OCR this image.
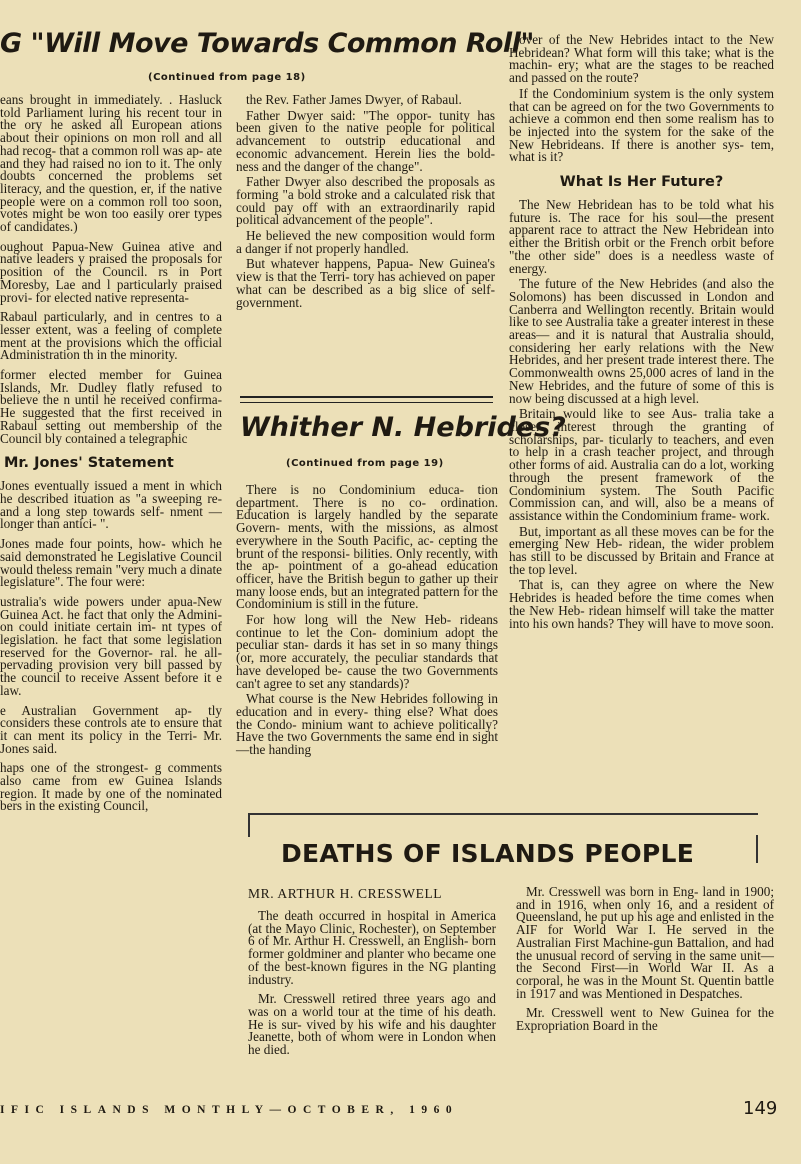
G "Will Move Towards Common Roll"
(Continued from page 18)

eans brought in immediately. . Hasluck told Parliament luring his recent tour in the ory he asked all European ations about their opinions on mon roll and all had recog- that a common roll was ap- ate and they had raised no ion to it. The only doubts concerned the problems set literacy, and the question, er, if the native people were on a common roll too soon, votes might be won too easily orer types of candidates.)

oughout Papua-New Guinea ative and native leaders y praised the proposals for position of the Council. rs in Port Moresby, Lae and l particularly praised provi- for elected native representa-

Rabaul particularly, and in centres to a lesser extent, was a feeling of complete ment at the provisions which the official Administration th in the minority.

former elected member for Guinea Islands, Mr. Dudley flatly refused to believe the n until he received confirma- He suggested that the first received in Rabaul setting out membership of the Council bly contained a telegraphic

Mr. Jones' Statement

Jones eventually issued a ment in which he described ituation as "a sweeping re- and a long step towards self- nment — longer than antici- ".

Jones made four points, how- which he said demonstrated he Legislative Council would theless remain "very much a dinate legislature". The four were:

ustralia's wide powers under apua-New Guinea Act. he fact that only the Admini- on could initiate certain im- nt types of legislation. he fact that some legislation reserved for the Governor- ral. he all-pervading provision very bill passed by the council to receive Assent before it e law.

e Australian Government ap- tly considers these controls ate to ensure that it can ment its policy in the Terri- Mr. Jones said.

haps one of the strongest- g comments also came from ew Guinea Islands region. It made by one of the nominated bers in the existing Council,

the Rev. Father James Dwyer, of Rabaul.

Father Dwyer said: "The oppor- tunity has been given to the native people for political advancement to outstrip educational and economic advancement. Herein lies the bold- ness and the danger of the change".

Father Dwyer also described the proposals as forming "a bold stroke and a calculated risk that could pay off with an extraordinarily rapid political advancement of the people".

He believed the new composition would form a danger if not properly handled.

But whatever happens, Papua- New Guinea's view is that the Terri- tory has achieved on paper what can be described as a big slice of self-government.

Whither N. Hebrides?
(Continued from page 19)

There is no Condominium educa- tion department. There is no co- ordination. Education is largely handled by the separate Govern- ments, with the missions, as almost everywhere in the South Pacific, ac- cepting the brunt of the responsi- bilities. Only recently, with the ap- pointment of a go-ahead education officer, have the British begun to gather up their many loose ends, but an integrated pattern for the Condominium is still in the future.

For how long will the New Heb- rideans continue to let the Con- dominium adopt the peculiar stan- dards it has set in so many things (or, more accurately, the peculiar standards that have developed be- cause the two Governments can't agree to set any standards)?

What course is the New Hebrides following in education and in every- thing else? What does the Condo- minium want to achieve politically? Have the two Governments the same end in sight—the handing

over of the New Hebrides intact to the New Hebridean? What form will this take; what is the machin- ery; what are the stages to be reached and passed on the route?

If the Condominium system is the only system that can be agreed on for the two Governments to achieve a common end then some realism has to be injected into the system for the sake of the New Hebrideans. If there is another sys- tem, what is it?

What Is Her Future?

The New Hebridean has to be told what his future is. The race for his soul—the present apparent race to attract the New Hebridean into either the British orbit or the French orbit before "the other side" does is a needless waste of energy.

The future of the New Hebrides (and also the Solomons) has been discussed in London and Canberra and Wellington recently. Britain would like to see Australia take a greater interest in these areas— and it is natural that Australia should, considering her early relations with the New Hebrides, and her present trade interest there. The Commonwealth owns 25,000 acres of land in the New Hebrides, and the future of some of this is now being discussed at a high level.

Britain would like to see Aus- tralia take a closer interest through the granting of scholarships, par- ticularly to teachers, and even to help in a crash teacher project, and through other forms of aid. Australia can do a lot, working through the present framework of the Condominium system. The South Pacific Commission can, and will, also be a means of assistance within the Condominium frame- work.

But, important as all these moves can be for the emerging New Heb- ridean, the wider problem has still to be discussed by Britain and France at the top level.

That is, can they agree on where the New Hebrides is headed before the time comes when the New Heb- ridean himself will take the matter into his own hands? They will have to move soon.

DEATHS OF ISLANDS PEOPLE
MR. ARTHUR H. CRESSWELL

The death occurred in hospital in America (at the Mayo Clinic, Rochester), on September 6 of Mr. Arthur H. Cresswell, an English- born former goldminer and planter who became one of the best-known figures in the NG planting industry.

Mr. Cresswell retired three years ago and was on a world tour at the time of his death. He is sur- vived by his wife and his daughter Jeanette, both of whom were in London when he died.

Mr. Cresswell was born in Eng- land in 1900; and in 1916, when only 16, and a resident of Queensland, he put up his age and enlisted in the AIF for World War I. He served in the Australian First Machine-gun Battalion, and had the unusual record of serving in the same unit—the Second First—in World War II. As a corporal, he was in the Mount St. Quentin battle in 1917 and was Mentioned in Despatches.

Mr. Cresswell went to New Guinea for the Expropriation Board in the

IFIC ISLANDS MONTHLY—OCTOBER, 1960	149
